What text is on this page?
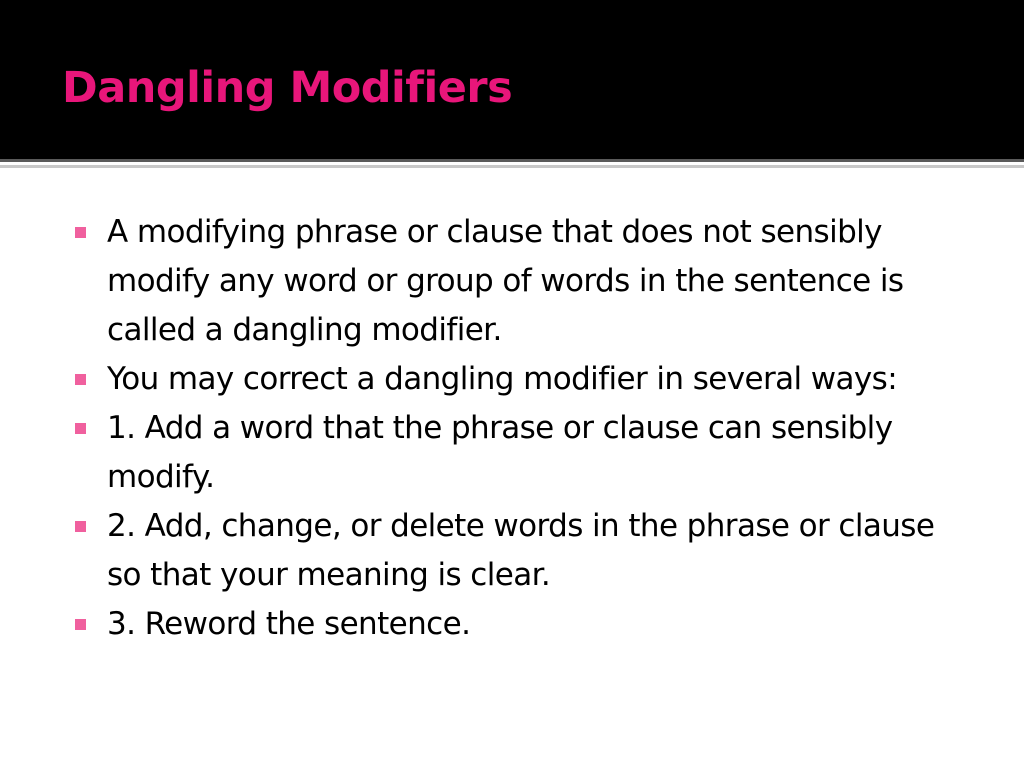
Dangling Modifiers
A modifying phrase or clause that does not sensibly modify any word or group of words in the sentence is called a dangling modifier.
You may correct a dangling modifier in several ways:
1. Add a word that the phrase or clause can sensibly modify.
2. Add, change, or delete words in the phrase or clause so that your meaning is clear.
3. Reword the sentence.
